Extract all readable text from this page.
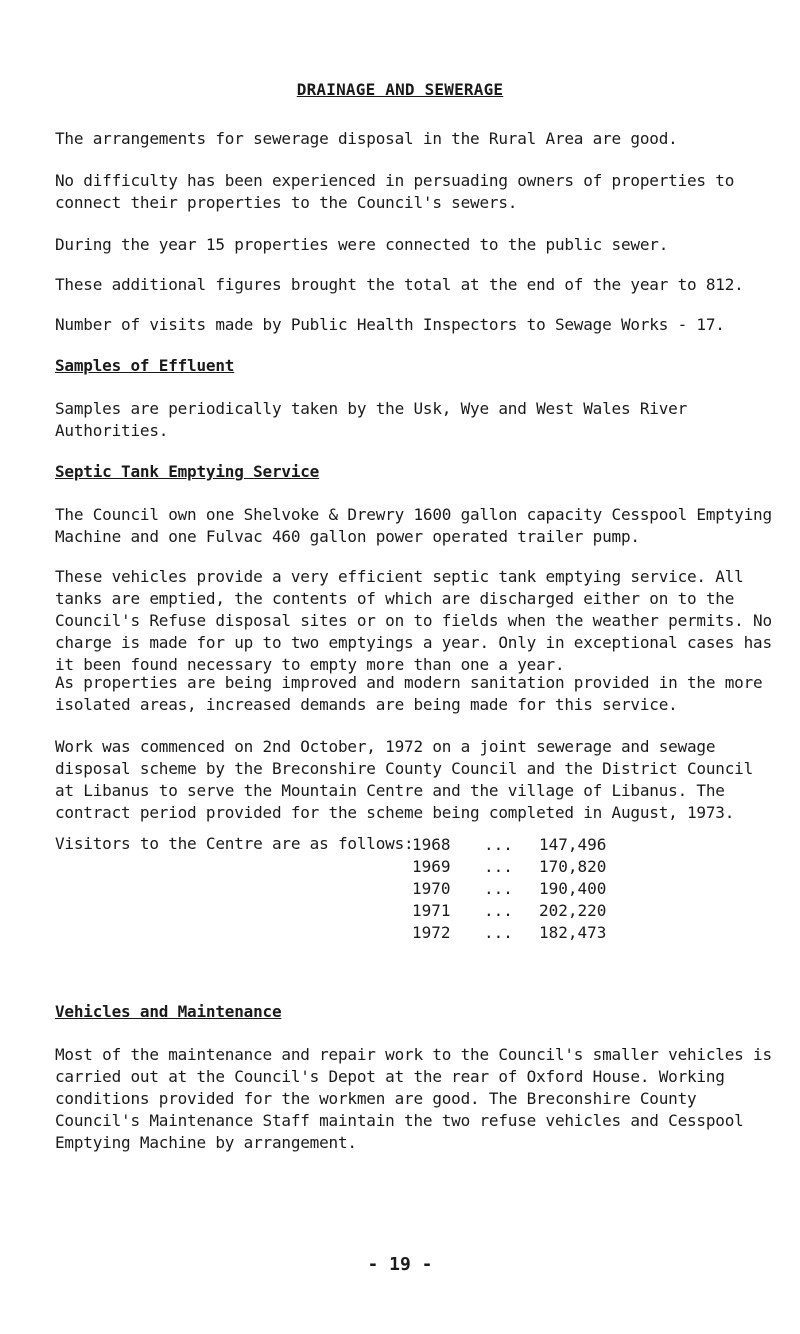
DRAINAGE AND SEWERAGE
The arrangements for sewerage disposal in the Rural Area are good.
No difficulty has been experienced in persuading owners of properties to connect their properties to the Council's sewers.
During the year 15 properties were connected to the public sewer.
These additional figures brought the total at the end of the year to 812.
Number of visits made by Public Health Inspectors to Sewage Works - 17.
Samples of Effluent
Samples are periodically taken by the Usk, Wye and West Wales River Authorities.
Septic Tank Emptying Service
The Council own one Shelvoke & Drewry 1600 gallon capacity Cesspool Emptying Machine and one Fulvac 460 gallon power operated trailer pump.
These vehicles provide a very efficient septic tank emptying service. All tanks are emptied, the contents of which are discharged either on to the Council's Refuse disposal sites or on to fields when the weather permits. No charge is made for up to two emptyings a year. Only in exceptional cases has it been found necessary to empty more than one a year.
As properties are being improved and modern sanitation provided in the more isolated areas, increased demands are being made for this service.
Work was commenced on 2nd October, 1972 on a joint sewerage and sewage disposal scheme by the Breconshire County Council and the District Council at Libanus to serve the Mountain Centre and the village of Libanus. The contract period provided for the scheme being completed in August, 1973.
Visitors to the Centre are as follows:
1968	...	147,496
1969	...	170,820
1970	...	190,400
1971	...	202,220
1972	...	182,473
Vehicles and Maintenance
Most of the maintenance and repair work to the Council's smaller vehicles is carried out at the Council's Depot at the rear of Oxford House. Working conditions provided for the workmen are good. The Breconshire County Council's Maintenance Staff maintain the two refuse vehicles and Cesspool Emptying Machine by arrangement.
- 19 -
